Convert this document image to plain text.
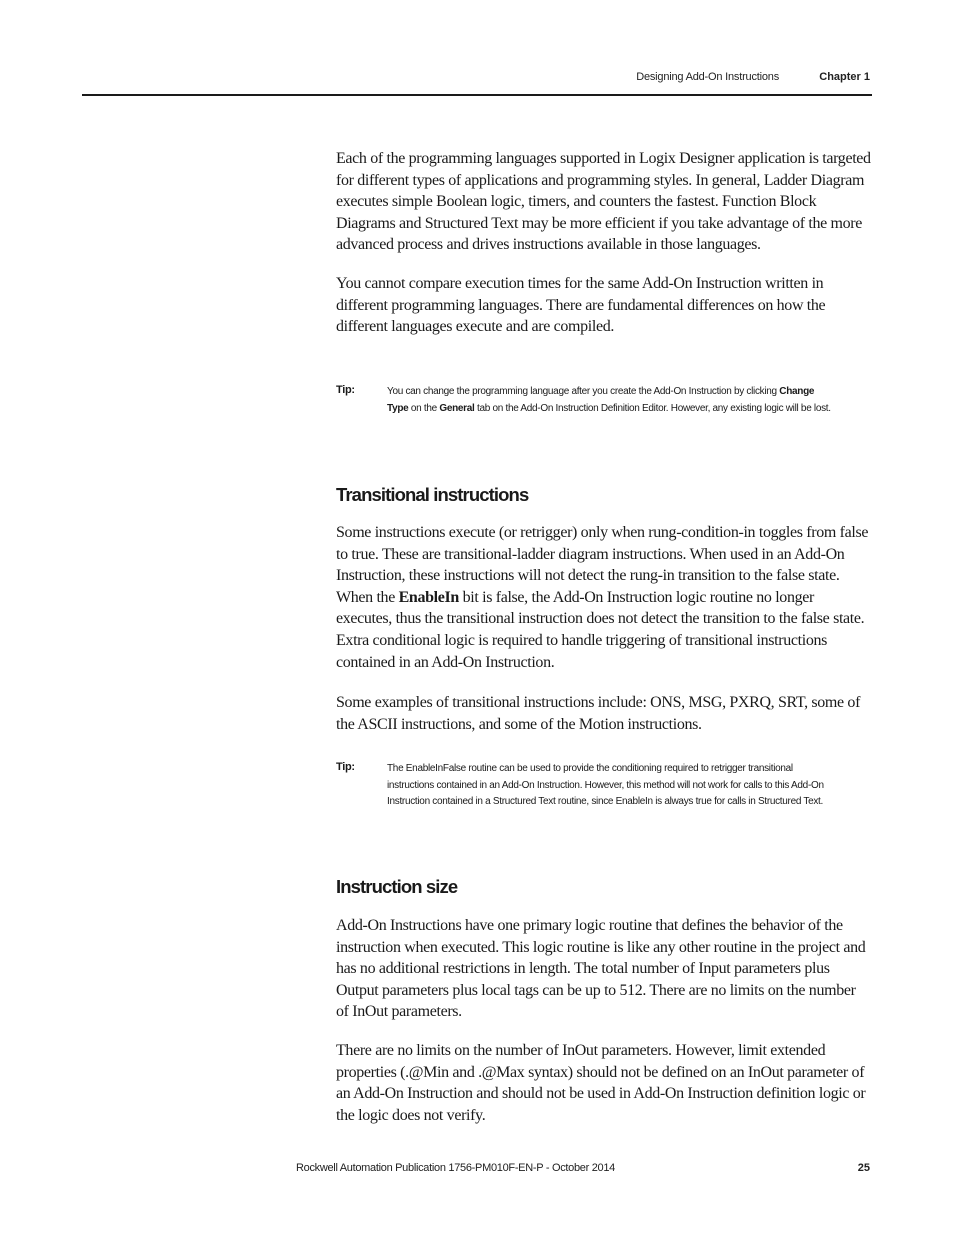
Designing Add-On Instructions	Chapter 1

Each of the programming languages supported in Logix Designer application is targeted for different types of applications and programming styles. In general, Ladder Diagram executes simple Boolean logic, timers, and counters the fastest. Function Block Diagrams and Structured Text may be more efficient if you take advantage of the more advanced process and drives instructions available in those languages.

You cannot compare execution times for the same Add-On Instruction written in different programming languages. There are fundamental differences on how the different languages execute and are compiled.

Tip:	You can change the programming language after you create the Add-On Instruction by clicking Change Type on the General tab on the Add-On Instruction Definition Editor. However, any existing logic will be lost.
Transitional instructions

Some instructions execute (or retrigger) only when rung-condition-in toggles from false to true. These are transitional-ladder diagram instructions. When used in an Add-On Instruction, these instructions will not detect the rung-in transition to the false state. When the EnableIn bit is false, the Add-On Instruction logic routine no longer executes, thus the transitional instruction does not detect the transition to the false state. Extra conditional logic is required to handle triggering of transitional instructions contained in an Add-On Instruction.

Some examples of transitional instructions include: ONS, MSG, PXRQ, SRT, some of the ASCII instructions, and some of the Motion instructions.

Tip:	The EnableInFalse routine can be used to provide the conditioning required to retrigger transitional instructions contained in an Add-On Instruction. However, this method will not work for calls to this Add-On Instruction contained in a Structured Text routine, since EnableIn is always true for calls in Structured Text.
Instruction size

Add-On Instructions have one primary logic routine that defines the behavior of the instruction when executed. This logic routine is like any other routine in the project and has no additional restrictions in length. The total number of Input parameters plus Output parameters plus local tags can be up to 512. There are no limits on the number of InOut parameters.

There are no limits on the number of InOut parameters. However, limit extended properties (.@Min and .@Max syntax) should not be defined on an InOut parameter of an Add-On Instruction and should not be used in Add-On Instruction definition logic or the logic does not verify.

Rockwell Automation Publication 1756-PM010F-EN-P - October 2014	25
